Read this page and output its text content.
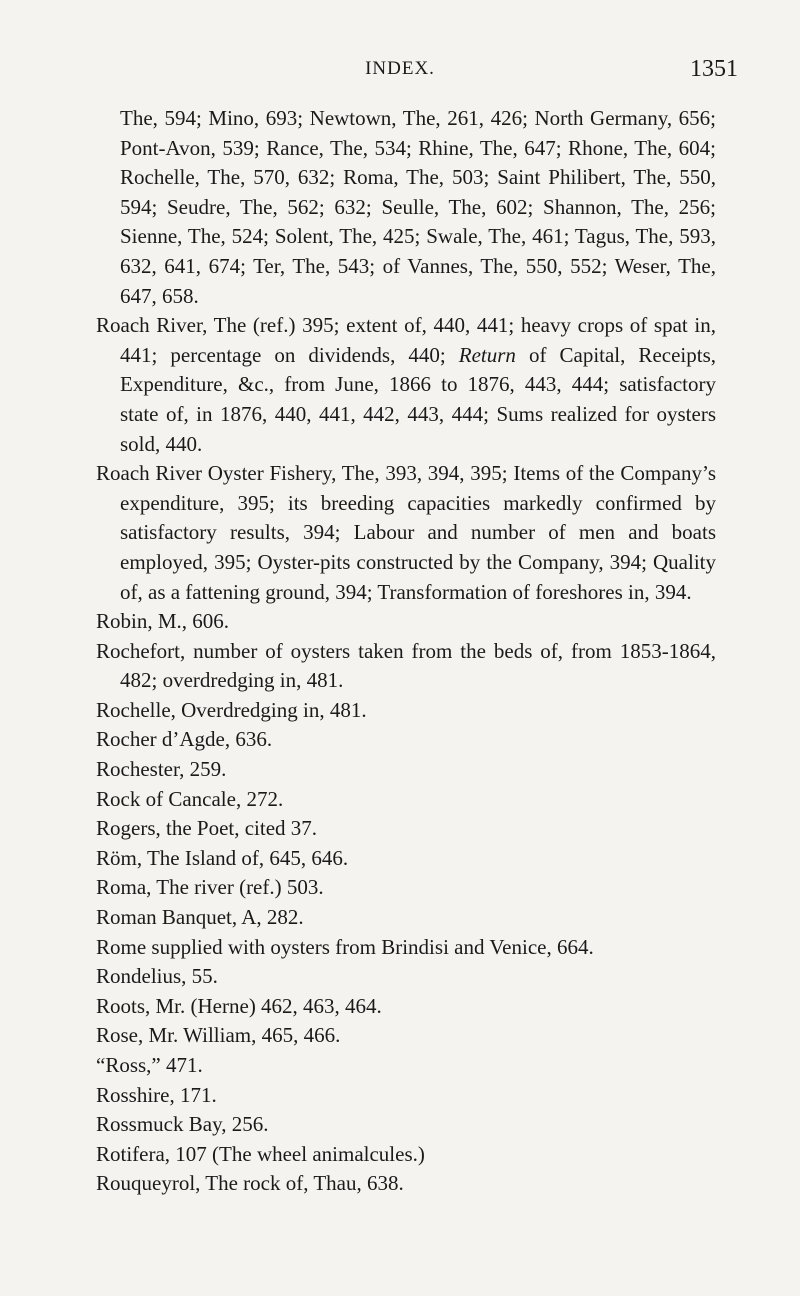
INDEX.	1351

The, 594; Mino, 693; Newtown, The, 261, 426; North Germany, 656; Pont-Avon, 539; Rance, The, 534; Rhine, The, 647; Rhone, The, 604; Rochelle, The, 570, 632; Roma, The, 503; Saint Philibert, The, 550, 594; Seudre, The, 562; 632; Seulle, The, 602; Shannon, The, 256; Sienne, The, 524; Solent, The, 425; Swale, The, 461; Tagus, The, 593, 632, 641, 674; Ter, The, 543; of Vannes, The, 550, 552; Weser, The, 647, 658.

Roach River, The (ref.) 395; extent of, 440, 441; heavy crops of spat in, 441; percentage on dividends, 440; Return of Capital, Receipts, Expenditure, &c., from June, 1866 to 1876, 443, 444; satisfactory state of, in 1876, 440, 441, 442, 443, 444; Sums realized for oysters sold, 440.

Roach River Oyster Fishery, The, 393, 394, 395; Items of the Company’s expenditure, 395; its breeding capacities markedly confirmed by satisfactory results, 394; Labour and number of men and boats employed, 395; Oyster-pits constructed by the Company, 394; Quality of, as a fattening ground, 394; Transformation of foreshores in, 394.

Robin, M., 606.

Rochefort, number of oysters taken from the beds of, from 1853-1864, 482; overdredging in, 481.

Rochelle, Overdredging in, 481.

Rocher d’Agde, 636.

Rochester, 259.

Rock of Cancale, 272.

Rogers, the Poet, cited 37.

Röm, The Island of, 645, 646.

Roma, The river (ref.) 503.

Roman Banquet, A, 282.

Rome supplied with oysters from Brindisi and Venice, 664.

Rondelius, 55.

Roots, Mr. (Herne) 462, 463, 464.

Rose, Mr. William, 465, 466.

“Ross,” 471.

Rosshire, 171.

Rossmuck Bay, 256.

Rotifera, 107 (The wheel animalcules.)

Rouqueyrol, The rock of, Thau, 638.
